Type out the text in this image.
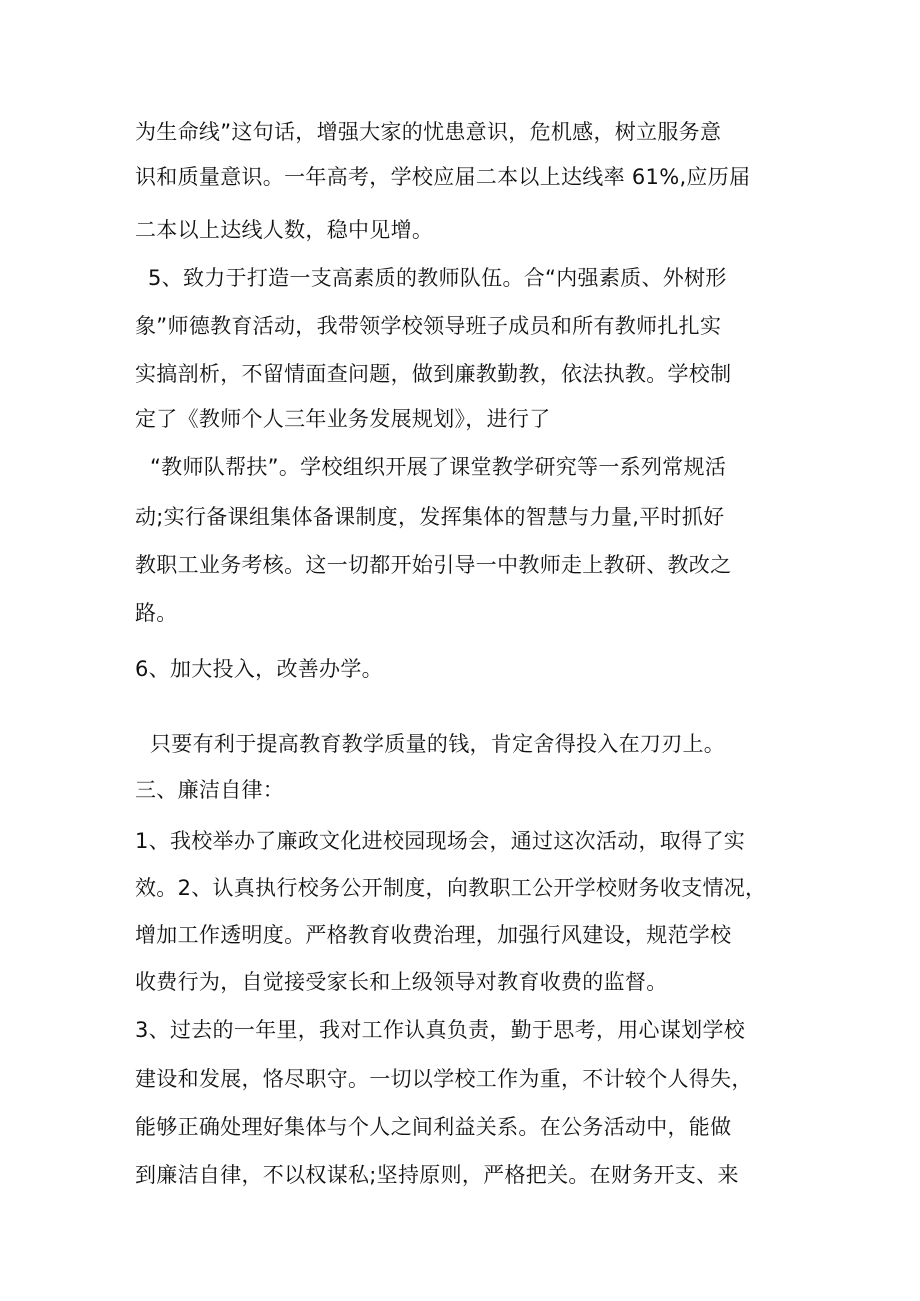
为生命线”这句话，增强大家的忧患意识，危机感，树立服务意
识和质量意识。一年高考，学校应届二本以上达线率 61%,应历届
二本以上达线人数，稳中见增。
5、致力于打造一支高素质的教师队伍。合“内强素质、外树形
象”师德教育活动，我带领学校领导班子成员和所有教师扎扎实
实搞剖析，不留情面查问题，做到廉教勤教，依法执教。学校制
定了《教师个人三年业务发展规划》，进行了
“教师队帮扶”。学校组织开展了课堂教学研究等一系列常规活
动;实行备课组集体备课制度，发挥集体的智慧与力量,平时抓好
教职工业务考核。这一切都开始引导一中教师走上教研、教改之
路。
6、加大投入，改善办学。
只要有利于提高教育教学质量的钱，肯定舍得投入在刀刃上。
三、廉洁自律：
1、我校举办了廉政文化进校园现场会，通过这次活动，取得了实
效。2、认真执行校务公开制度，向教职工公开学校财务收支情况，
增加工作透明度。严格教育收费治理，加强行风建设，规范学校
收费行为，自觉接受家长和上级领导对教育收费的监督。
3、过去的一年里，我对工作认真负责，勤于思考，用心谋划学校
建设和发展，恪尽职守。一切以学校工作为重，不计较个人得失，
能够正确处理好集体与个人之间利益关系。在公务活动中，能做
到廉洁自律，不以权谋私;坚持原则，严格把关。在财务开支、来
